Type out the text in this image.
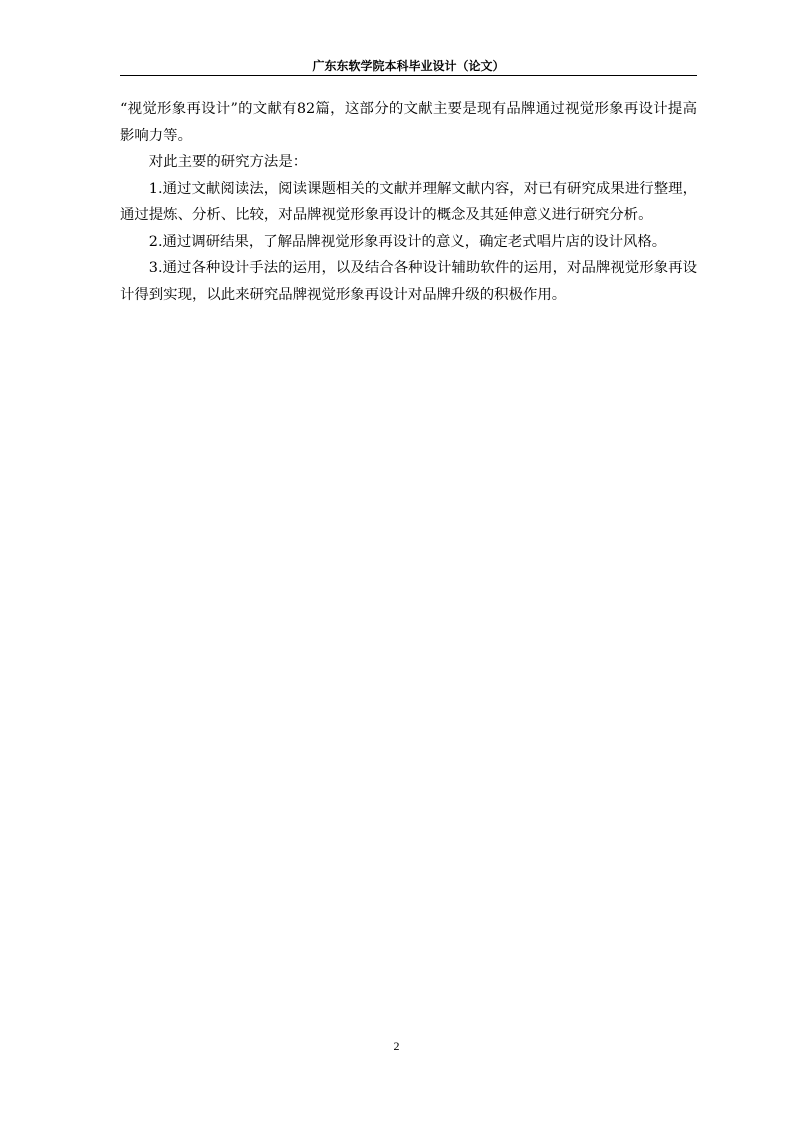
广东东软学院本科毕业设计（论文）

“视觉形象再设计”的文献有82篇，这部分的文献主要是现有品牌通过视觉形象再设计提高影响力等。

对此主要的研究方法是：

1.通过文献阅读法，阅读课题相关的文献并理解文献内容，对已有研究成果进行整理，通过提炼、分析、比较，对品牌视觉形象再设计的概念及其延伸意义进行研究分析。

2.通过调研结果，了解品牌视觉形象再设计的意义，确定老式唱片店的设计风格。

3.通过各种设计手法的运用，以及结合各种设计辅助软件的运用，对品牌视觉形象再设计得到实现，以此来研究品牌视觉形象再设计对品牌升级的积极作用。

2
